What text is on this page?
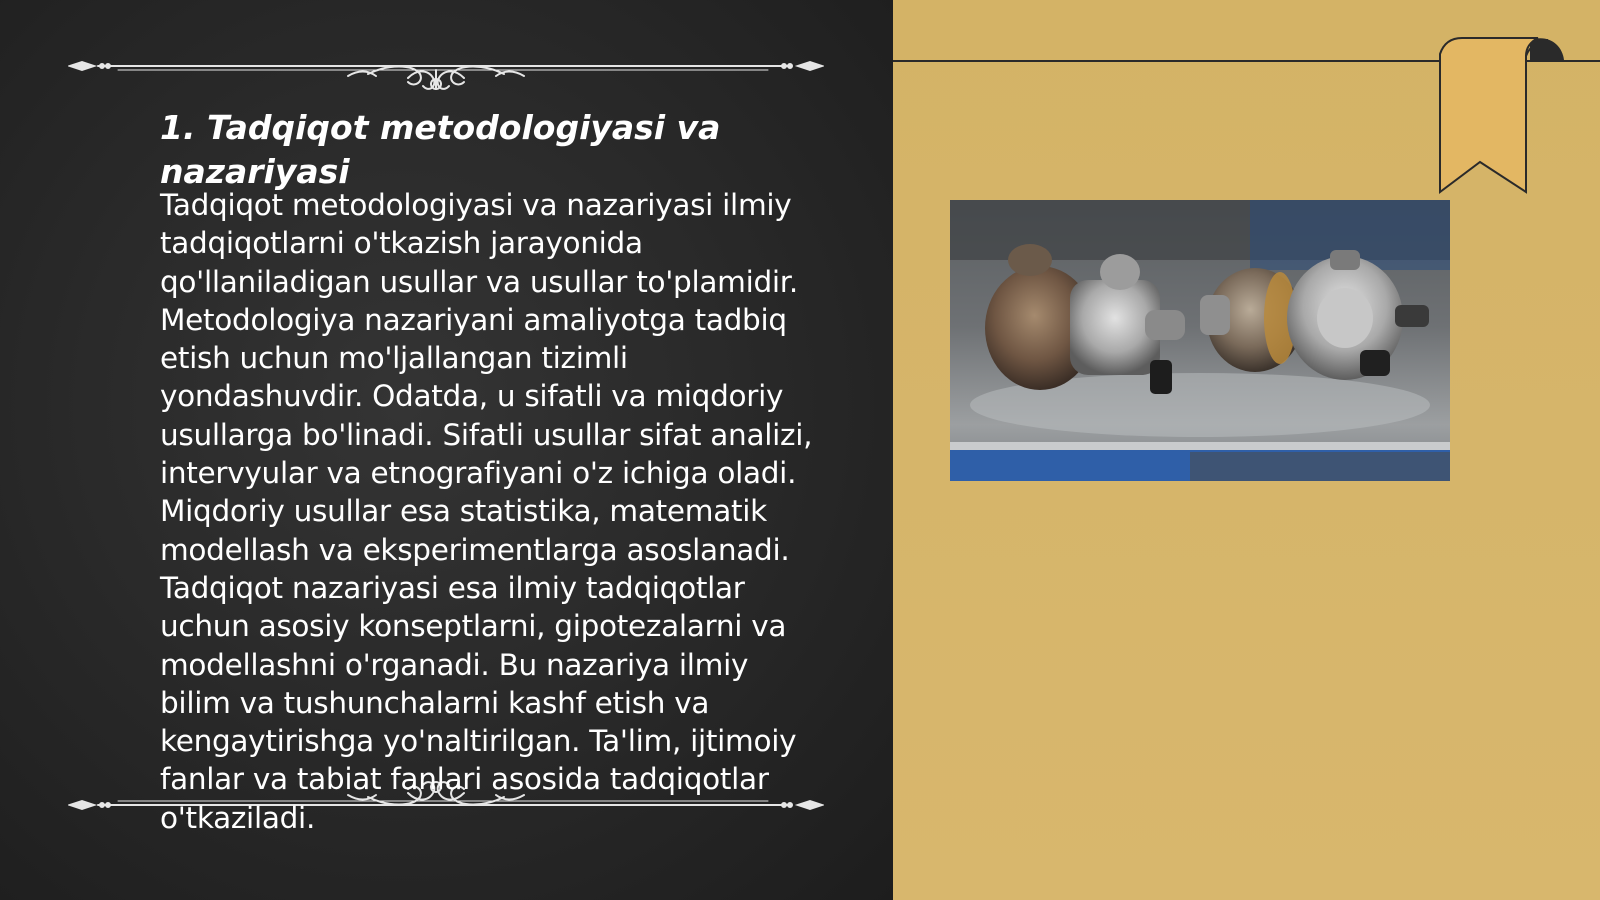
1. Tadqiqot metodologiyasi va nazariyasi

Tadqiqot metodologiyasi va nazariyasi ilmiy
tadqiqotlarni o'tkazish jarayonida
qo'llaniladigan usullar va usullar to'plamidir.
Metodologiya nazariyani amaliyotga tadbiq
etish uchun mo'ljallangan tizimli
yondashuvdir. Odatda, u sifatli va miqdoriy
usullarga bo'linadi. Sifatli usullar sifat analizi,
intervyular va etnografiyani o'z ichiga oladi.
Miqdoriy usullar esa statistika, matematik
modellash va eksperimentlarga asoslanadi.
Tadqiqot nazariyasi esa ilmiy tadqiqotlar
uchun asosiy konseptlarni, gipotezalarni va
modellashni o'rganadi. Bu nazariya ilmiy
bilim va tushunchalarni kashf etish va
kengaytirishga yo'naltirilgan. Ta'lim, ijtimoiy
fanlar va tabiat fanlari asosida tadqiqotlar
o'tkaziladi.
